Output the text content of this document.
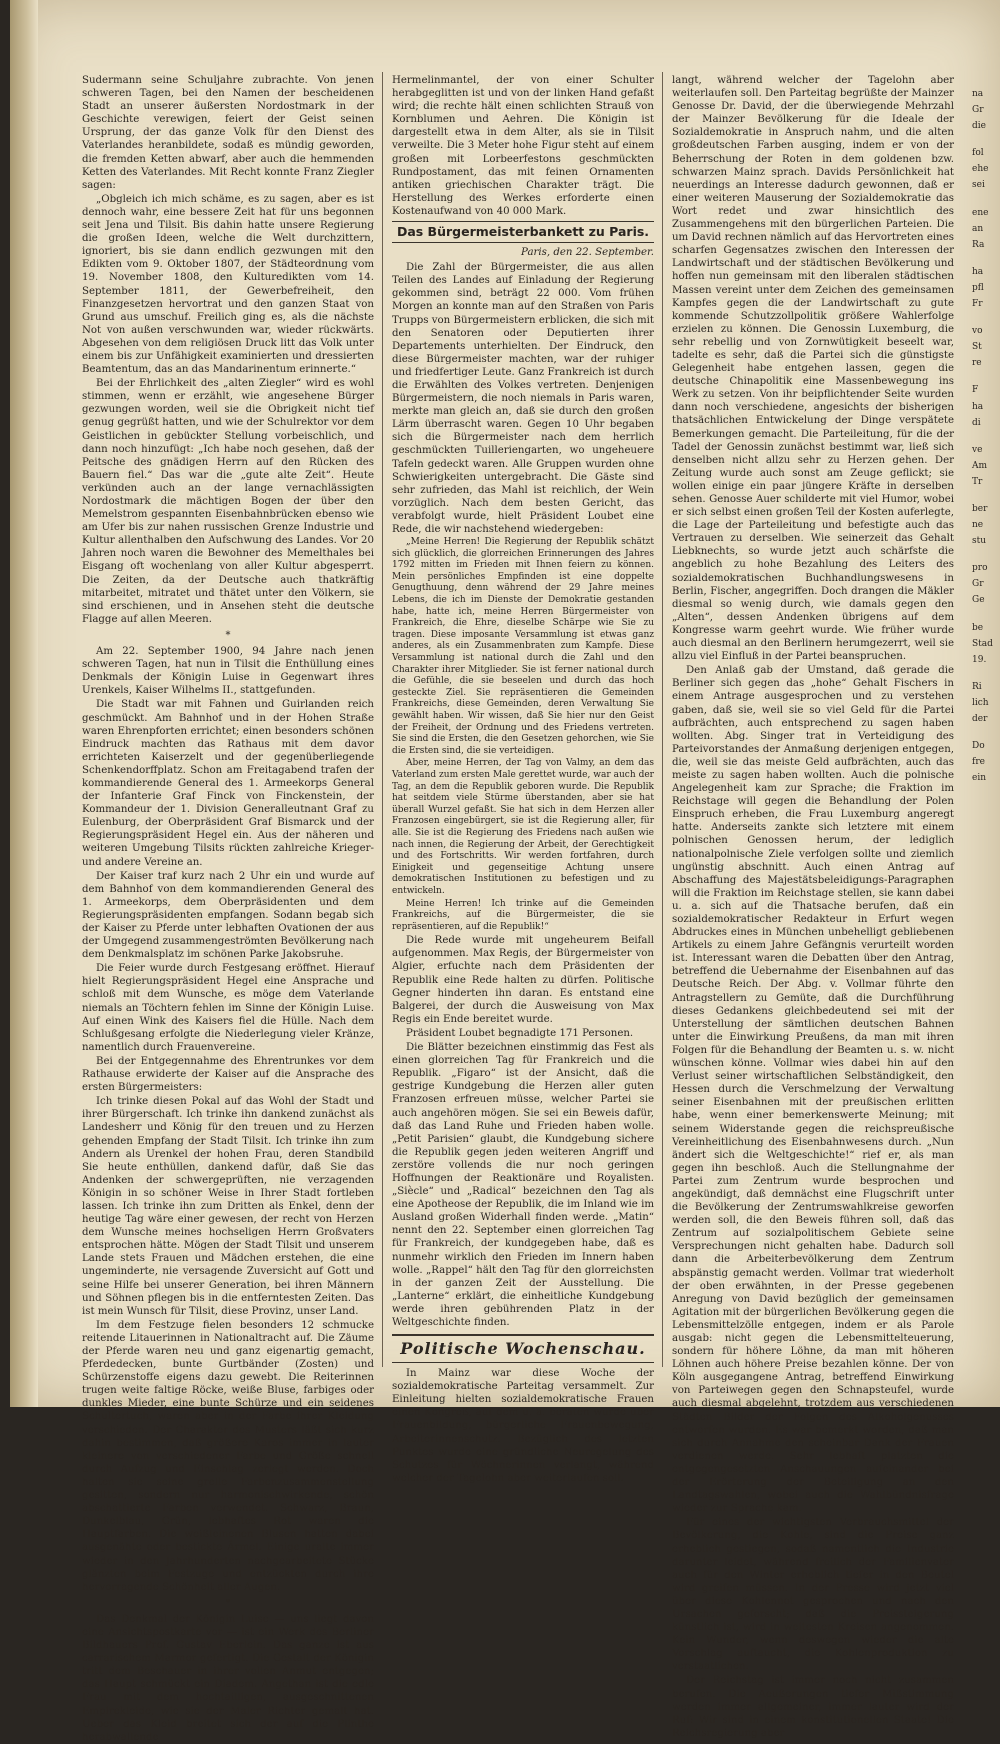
Sudermann seine Schuljahre zubrachte. Von jenen schweren Tagen, bei den Namen der bescheidenen Stadt an unserer äußersten Nordostmark in der Geschichte verewigen, feiert der Geist seinen Ursprung, der das ganze Volk für den Dienst des Vaterlandes heranbildete, sodaß es mündig geworden, die fremden Ketten abwarf, aber auch die hemmenden Ketten des Vaterlandes. Mit Recht konnte Franz Ziegler sagen:

„Obgleich ich mich schäme, es zu sagen, aber es ist dennoch wahr, eine bessere Zeit hat für uns begonnen seit Jena und Tilsit. Bis dahin hatte unsere Regierung die großen Ideen, welche die Welt durchzittern, ignoriert, bis sie dann endlich gezwungen mit den Edikten vom 9. Oktober 1807, der Städteordnung vom 19. November 1808, den Kulturedikten vom 14. September 1811, der Gewerbefreiheit, den Finanzgesetzen hervortrat und den ganzen Staat von Grund aus umschuf. Freilich ging es, als die nächste Not von außen verschwunden war, wieder rückwärts. Abgesehen von dem religiösen Druck litt das Volk unter einem bis zur Unfähigkeit examinierten und dressierten Beamtentum, das an das Mandarinentum erinnerte.“

Bei der Ehrlichkeit des „alten Ziegler“ wird es wohl stimmen, wenn er erzählt, wie angesehene Bürger gezwungen worden, weil sie die Obrigkeit nicht tief genug gegrüßt hatten, und wie der Schulrektor vor dem Geistlichen in gebückter Stellung vorbeischlich, und dann noch hinzufügt: „Ich habe noch gesehen, daß der Peitsche des gnädigen Herrn auf den Rücken des Bauern fiel.“ Das war die „gute alte Zeit“. Heute verkünden auch an der lange vernachlässigten Nordostmark die mächtigen Bogen der über den Memelstrom gespannten Eisenbahnbrücken ebenso wie am Ufer bis zur nahen russischen Grenze Industrie und Kultur allenthalben den Aufschwung des Landes. Vor 20 Jahren noch waren die Bewohner des Memelthales bei Eisgang oft wochenlang von aller Kultur abgesperrt. Die Zeiten, da der Deutsche auch thatkräftig mitarbeitet, mitratet und thätet unter den Völkern, sie sind erschienen, und in Ansehen steht die deutsche Flagge auf allen Meeren.

*

Am 22. September 1900, 94 Jahre nach jenen schweren Tagen, hat nun in Tilsit die Enthüllung eines Denkmals der Königin Luise in Gegenwart ihres Urenkels, Kaiser Wilhelms II., stattgefunden.

Die Stadt war mit Fahnen und Guirlanden reich geschmückt. Am Bahnhof und in der Hohen Straße waren Ehrenpforten errichtet; einen besonders schönen Eindruck machten das Rathaus mit dem davor errichteten Kaiserzelt und der gegenüberliegende Schenkendorffplatz. Schon am Freitagabend trafen der kommandierende General des 1. Armeekorps General der Infanterie Graf Finck von Finckenstein, der Kommandeur der 1. Division Generalleutnant Graf zu Eulenburg, der Oberpräsident Graf Bismarck und der Regierungspräsident Hegel ein. Aus der näheren und weiteren Umgebung Tilsits rückten zahlreiche Krieger- und andere Vereine an.

Der Kaiser traf kurz nach 2 Uhr ein und wurde auf dem Bahnhof von dem kommandierenden General des 1. Armeekorps, dem Oberpräsidenten und dem Regierungspräsidenten empfangen. Sodann begab sich der Kaiser zu Pferde unter lebhaften Ovationen der aus der Umgegend zusammengeströmten Bevölkerung nach dem Denkmalsplatz im schönen Parke Jakobsruhe.

Die Feier wurde durch Festgesang eröffnet. Hierauf hielt Regierungspräsident Hegel eine Ansprache und schloß mit dem Wunsche, es möge dem Vaterlande niemals an Töchtern fehlen im Sinne der Königin Luise. Auf einen Wink des Kaisers fiel die Hülle. Nach dem Schlußgesang erfolgte die Niederlegung vieler Kränze, namentlich durch Frauenvereine.

Bei der Entgegennahme des Ehrentrunkes vor dem Rathause erwiderte der Kaiser auf die Ansprache des ersten Bürgermeisters:

Ich trinke diesen Pokal auf das Wohl der Stadt und ihrer Bürgerschaft. Ich trinke ihn dankend zunächst als Landesherr und König für den treuen und zu Herzen gehenden Empfang der Stadt Tilsit. Ich trinke ihn zum Andern als Urenkel der hohen Frau, deren Standbild Sie heute enthüllen, dankend dafür, daß Sie das Andenken der schwergeprüften, nie verzagenden Königin in so schöner Weise in Ihrer Stadt fortleben lassen. Ich trinke ihn zum Dritten als Enkel, denn der heutige Tag wäre einer gewesen, der recht von Herzen dem Wunsche meines hochseligen Herrn Großvaters entsprochen hätte. Mögen der Stadt Tilsit und unserem Lande stets Frauen und Mädchen erstehen, die eine ungeminderte, nie versagende Zuversicht auf Gott und seine Hilfe bei unserer Generation, bei ihren Männern und Söhnen pflegen bis in die entferntesten Zeiten. Das ist mein Wunsch für Tilsit, diese Provinz, unser Land.

Im dem Festzuge fielen besonders 12 schmucke reitende Litauerinnen in Nationaltracht auf. Die Zäume der Pferde waren neu und ganz eigenartig gemacht, Pferdedecken, bunte Gurtbänder (Zosten) und Schürzenstoffe eigens dazu gewebt. Die Reiterinnen trugen weite faltige Röcke, weiße Bluse, farbiges oder dunkles Mieder, eine bunte Schürze und ein seidenes Schultertuch, waren aber in der Farbe ihrer Kleidung verschieden. Der Charakter des Musters läßt sich kurz dahin bestimmen, daß größere Karos immer in lauter kleinere von verschiedener Farbe und Größe schnell durch Aufzug und Einschlag zerlegt werden. Doch halten sie seine grelle Farbenzusammenstellung gesitten, sondern nur harmonischwirkende, schön abschattierte Farben verwendet. Schwarz, Braun, Dunkelblau, Grün, lebhaftes Rot waren die Hauptfarben. Die weißleinenen Blusen hatten dabei ausgenähte oder bestickte Ärmel. Einige uralte immer wieder in den Jahrhunderten nachgearbeitete Stücke glänzten beim Festzuge und entzückten durch ihre hervorragende Schönheit aller Augen.

*

Das Denkmal der Königin Luise — uns liegt davon eine Ansichtspostkarte vor — ist ein Werk des Berliner Bildhauers Prof. Gustav Eberlein. Das ganze ist aus carrarischem Marmor gefertigt. Die Gestalt der Königin tritt dem Beschauer in ihrer vollen Anmut entgegen; das Haupt schmückt ein Diadem. Angethan ist die edle Frau mit dem hochtailligen, ausgeschnittenen Empirekleide, wie sie der Maler Richter gemalt hat. Ueber das Kleid breitet sich der auf die Plinthe herabwallende

Hermelinmantel, der von einer Schulter herabgeglitten ist und von der linken Hand gefaßt wird; die rechte hält einen schlichten Strauß von Kornblumen und Aehren. Die Königin ist dargestellt etwa in dem Alter, als sie in Tilsit verweilte. Die 3 Meter hohe Figur steht auf einem großen mit Lorbeerfestons geschmückten Rundpostament, das mit feinen Ornamenten antiken griechischen Charakter trägt. Die Herstellung des Werkes erforderte einen Kostenaufwand von 40 000 Mark.

Das Bürgermeisterbankett zu Paris.
Paris, den 22. September.

Die Zahl der Bürgermeister, die aus allen Teilen des Landes auf Einladung der Regierung gekommen sind, beträgt 22 000. Vom frühen Morgen an konnte man auf den Straßen von Paris Trupps von Bürgermeistern erblicken, die sich mit den Senatoren oder Deputierten ihrer Departements unterhielten. Der Eindruck, den diese Bürgermeister machten, war der ruhiger und friedfertiger Leute. Ganz Frankreich ist durch die Erwählten des Volkes vertreten. Denjenigen Bürgermeistern, die noch niemals in Paris waren, merkte man gleich an, daß sie durch den großen Lärm überrascht waren. Gegen 10 Uhr begaben sich die Bürgermeister nach dem herrlich geschmückten Tuilleriengarten, wo ungeheuere Tafeln gedeckt waren. Alle Gruppen wurden ohne Schwierigkeiten untergebracht. Die Gäste sind sehr zufrieden, das Mahl ist reichlich, der Wein vorzüglich. Nach dem besten Gericht, das verabfolgt wurde, hielt Präsident Loubet eine Rede, die wir nachstehend wiedergeben:

„Meine Herren! Die Regierung der Republik schätzt sich glücklich, die glorreichen Erinnerungen des Jahres 1792 mitten im Frieden mit Ihnen feiern zu können. Mein persönliches Empfinden ist eine doppelte Genugthuung, denn während der 29 Jahre meines Lebens, die ich im Dienste der Demokratie gestanden habe, hatte ich, meine Herren Bürgermeister von Frankreich, die Ehre, dieselbe Schärpe wie Sie zu tragen. Diese imposante Versammlung ist etwas ganz anderes, als ein Zusammenbraten zum Kampfe. Diese Versammlung ist national durch die Zahl und den Charakter ihrer Mitglieder. Sie ist ferner national durch die Gefühle, die sie beseelen und durch das hoch gesteckte Ziel. Sie repräsentieren die Gemeinden Frankreichs, diese Gemeinden, deren Verwaltung Sie gewählt haben. Wir wissen, daß Sie hier nur den Geist der Freiheit, der Ordnung und des Friedens vertreten. Sie sind die Ersten, die den Gesetzen gehorchen, wie Sie die Ersten sind, die sie verteidigen.

Aber, meine Herren, der Tag von Valmy, an dem das Vaterland zum ersten Male gerettet wurde, war auch der Tag, an dem die Republik geboren wurde. Die Republik hat seitdem viele Stürme überstanden, aber sie hat überall Wurzel gefaßt. Sie hat sich in dem Herzen aller Franzosen eingebürgert, sie ist die Regierung aller, für alle. Sie ist die Regierung des Friedens nach außen wie nach innen, die Regierung der Arbeit, der Gerechtigkeit und des Fortschritts. Wir werden fortfahren, durch Einigkeit und gegenseitige Achtung unsere demokratischen Institutionen zu befestigen und zu entwickeln.

Meine Herren! Ich trinke auf die Gemeinden Frankreichs, auf die Bürgermeister, die sie repräsentieren, auf die Republik!“

Die Rede wurde mit ungeheurem Beifall aufgenommen. Max Regis, der Bürgermeister von Algier, erfuchte nach dem Präsidenten der Republik eine Rede halten zu dürfen. Politische Gegner hinderten ihn daran. Es entstand eine Balgerei, der durch die Ausweisung von Max Regis ein Ende bereitet wurde.

Präsident Loubet begnadigte 171 Personen.

Die Blätter bezeichnen einstimmig das Fest als einen glorreichen Tag für Frankreich und die Republik. „Figaro“ ist der Ansicht, daß die gestrige Kundgebung die Herzen aller guten Franzosen erfreuen müsse, welcher Partei sie auch angehören mögen. Sie sei ein Beweis dafür, daß das Land Ruhe und Frieden haben wolle. „Petit Parisien“ glaubt, die Kundgebung sichere die Republik gegen jeden weiteren Angriff und zerstöre vollends die nur noch geringen Hoffnungen der Reaktionäre und Royalisten. „Siècle“ und „Radical“ bezeichnen den Tag als eine Apotheose der Republik, die im Inland wie im Ausland großen Widerhall finden werde. „Matin“ nennt den 22. September einen glorreichen Tag für Frankreich, der kundgegeben habe, daß es nunmehr wirklich den Frieden im Innern haben wolle. „Rappel“ hält den Tag für den glorreichsten in der ganzen Zeit der Ausstellung. Die „Lanterne“ erklärt, die einheitliche Kundgebung werde ihren gebührenden Platz in der Weltgeschichte finden.

Politische Wochenschau.

In Mainz war diese Woche der sozialdemokratische Parteitag versammelt. Zur Einleitung hielten sozialdemokratische Frauen einen Kongreß, auf dem u. a. beraten wurde über Frauenbildung, bürgerliche Frauenbewegung, Arbeiterinnenschutz. Bezüglich des letzten Punktes wurde eine gründliche Neuregelung des Schutzes für Wöchnerinnen verlangt, während welcher der Tagelohn aber weiterlaufen soll.

langt, während welcher der Tagelohn aber weiterlaufen soll. Den Parteitag begrüßte der Mainzer Genosse Dr. David, der die überwiegende Mehrzahl der Mainzer Bevölkerung für die Ideale der Sozialdemokratie in Anspruch nahm, und die alten großdeutschen Farben ausging, indem er von der Beherrschung der Roten in dem goldenen bzw. schwarzen Mainz sprach. Davids Persönlichkeit hat neuerdings an Interesse dadurch gewonnen, daß er einer weiteren Mauserung der Sozialdemokratie das Wort redet und zwar hinsichtlich des Zusammengehens mit den bürgerlichen Parteien. Die um David rechnen nämlich auf das Hervortreten eines scharfen Gegensatzes zwischen den Interessen der Landwirtschaft und der städtischen Bevölkerung und hoffen nun gemeinsam mit den liberalen städtischen Massen vereint unter dem Zeichen des gemeinsamen Kampfes gegen die der Landwirtschaft zu gute kommende Schutzzollpolitik größere Wahlerfolge erzielen zu können. Die Genossin Luxemburg, die sehr rebellig und von Zornwütigkeit beseelt war, tadelte es sehr, daß die Partei sich die günstigste Gelegenheit habe entgehen lassen, gegen die deutsche Chinapolitik eine Massenbewegung ins Werk zu setzen. Von ihr beipflichtender Seite wurden dann noch verschiedene, angesichts der bisherigen thatsächlichen Entwickelung der Dinge verspätete Bemerkungen gemacht. Die Parteileitung, für die der Tadel der Genossin zunächst bestimmt war, ließ sich denselben nicht allzu sehr zu Herzen gehen. Der Zeitung wurde auch sonst am Zeuge geflickt; sie wollen einige ein paar jüngere Kräfte in derselben sehen. Genosse Auer schilderte mit viel Humor, wobei er sich selbst einen großen Teil der Kosten auferlegte, die Lage der Parteileitung und befestigte auch das Vertrauen zu derselben. Wie seinerzeit das Gehalt Liebknechts, so wurde jetzt auch schärfste die angeblich zu hohe Bezahlung des Leiters des sozialdemokratischen Buchhandlungswesens in Berlin, Fischer, angegriffen. Doch drangen die Mäkler diesmal so wenig durch, wie damals gegen den „Alten“, dessen Andenken übrigens auf dem Kongresse warm geehrt wurde. Wie früher wurde auch diesmal an den Berlinern herumgezerrt, weil sie allzu viel Einfluß in der Partei beanspruchen.

Den Anlaß gab der Umstand, daß gerade die Berliner sich gegen das „hohe“ Gehalt Fischers in einem Antrage ausgesprochen und zu verstehen gaben, daß sie, weil sie so viel Geld für die Partei aufbrächten, auch entsprechend zu sagen haben wollten. Abg. Singer trat in Verteidigung des Parteivorstandes der Anmaßung derjenigen entgegen, die, weil sie das meiste Geld aufbrächten, auch das meiste zu sagen haben wollten. Auch die polnische Angelegenheit kam zur Sprache; die Fraktion im Reichstage will gegen die Behandlung der Polen Einspruch erheben, die Frau Luxemburg angeregt hatte. Anderseits zankte sich letztere mit einem polnischen Genossen herum, der lediglich nationalpolnische Ziele verfolgen sollte und ziemlich ungünstig abschnitt. Auch einen Antrag auf Abschaffung des Majestätsbeleidigungs-Paragraphen will die Fraktion im Reichstage stellen, sie kann dabei u. a. sich auf die Thatsache berufen, daß ein sozialdemokratischer Redakteur in Erfurt wegen Abdruckes eines in München unbehelligt gebliebenen Artikels zu einem Jahre Gefängnis verurteilt worden ist. Interessant waren die Debatten über den Antrag, betreffend die Uebernahme der Eisenbahnen auf das Deutsche Reich. Der Abg. v. Vollmar führte den Antragstellern zu Gemüte, daß die Durchführung dieses Gedankens gleichbedeutend sei mit der Unterstellung der sämtlichen deutschen Bahnen unter die Einwirkung Preußens, da man mit ihren Folgen für die Behandlung der Beamten u. s. w. nicht wünschen könne. Vollmar wies dabei hin auf den Verlust seiner wirtschaftlichen Selbständigkeit, den Hessen durch die Verschmelzung der Verwaltung seiner Eisenbahnen mit der preußischen erlitten habe, wenn einer bemerkenswerte Meinung; mit seinem Widerstande gegen die reichspreußische Vereinheitlichung des Eisenbahnwesens durch. „Nun ändert sich die Weltgeschichte!“ rief er, als man gegen ihn beschloß. Auch die Stellungnahme der Partei zum Zentrum wurde besprochen und angekündigt, daß demnächst eine Flugschrift unter die Bevölkerung der Zentrumswahlkreise geworfen werden soll, die den Beweis führen soll, daß das Zentrum auf sozialpolitischem Gebiete seine Versprechungen nicht gehalten habe. Dadurch soll dann die Arbeiterbevölkerung dem Zentrum abspänstig gemacht werden. Vollmar trat wiederholt der oben erwähnten, in der Presse gegebenen Anregung von David bezüglich der gemeinsamen Agitation mit der bürgerlichen Bevölkerung gegen die Lebensmittelzölle entgegen, indem er als Parole ausgab: nicht gegen die Lebensmittelteuerung, sondern für höhere Löhne, da man mit höheren Löhnen auch höhere Preise bezahlen könne. Der von Köln ausgegangene Antrag, betreffend Einwirkung von Parteiwegen gegen den Schnapsteufel, wurde auch diesmal abgelehnt, trotzdem aus verschiedenen Städten Bilder der Folgen des Alkoholgenusses entworfen wurden. Es war bemerkt worden, daß man sich durch Annahme den scheinbar Dank der Frauen verdienen werde. Sehr lebhaft platzten die entgegengesetzten Anschauungen aufeinander bei der Erörterung der Beteiligung an den Landtagswahlen, wobei auch die Wahlbündnisfrage wieder zur Sprache kam.

Für eines der wichtigsten Verbrauchsmittel der Bevölkerung, die Kohle, sind die Preise ganz erheblich gestiegen, sodaß namentlich die Industrie darunter leidet, während freilich der Familienvater auch für den Winter erheblich tiefer in den Beutel wird greifen müssen. In der Presse wird jetzt viel über diese Kohlennot gesprochen und nach den Ursachen geforscht; daß die Preissteigerung künstlich ist, wird in weitesten Kreisen angenommen. Kein Wunder, wenn deswegen wieder die alte Vorschlag auftaucht, die Kohlenproduktion zu verstaatlichen.

Der Reichstag ist immer noch nicht zusammen berufen. Die Aeußerungen tiefer Mißstimmung werden immer allgemeiner, immer lauter wird der Ruf: Wir sind in einem konstitutionellen Staate! Die Reichsregierung aber

na
Gr
die
fol
ehe
sei
ene
an
Ra
ha
pfl
Fr
vo
St
re
F
ha
di
ve
Am
Tr
ber
ne
stu
pro
Gr
Ge
be
Stad
19.
Ri
lich
der
Do
fre
ein
